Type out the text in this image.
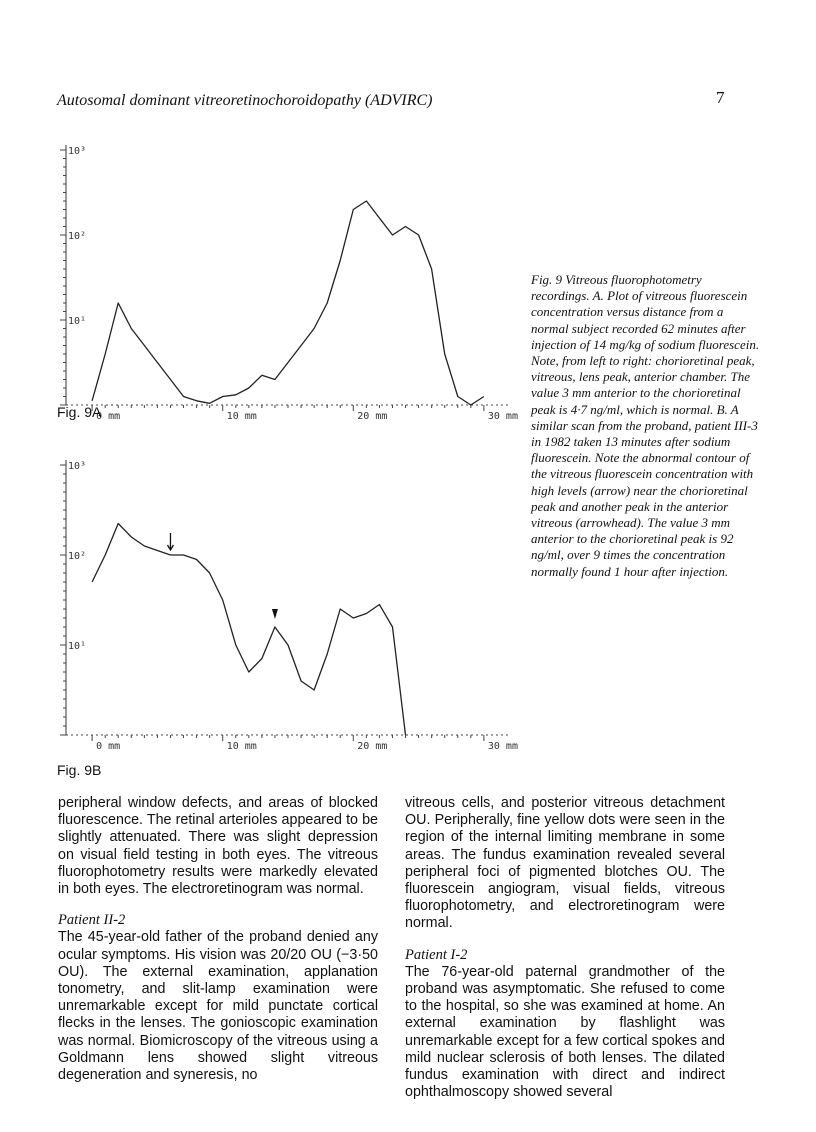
Autosomal dominant vitreoretinochoroidopathy (ADVIRC)	7
10³
10²
10¹
0 mm	10 mm	20 mm	30 mm
Fig. 9A
10³
10²
10¹
0 mm	10 mm	20 mm	30 mm
Fig. 9B
Fig. 9 Vitreous fluorophotometry recordings. A. Plot of vitreous fluorescein concentration versus distance from a normal subject recorded 62 minutes after injection of 14 mg/kg of sodium fluorescein. Note, from left to right: chorioretinal peak, vitreous, lens peak, anterior chamber. The value 3 mm anterior to the chorioretinal peak is 4·7 ng/ml, which is normal. B. A similar scan from the proband, patient III-3 in 1982 taken 13 minutes after sodium fluorescein. Note the abnormal contour of the vitreous fluorescein concentration with high levels (arrow) near the chorioretinal peak and another peak in the anterior vitreous (arrowhead). The value 3 mm anterior to the chorioretinal peak is 92 ng/ml, over 9 times the concentration normally found 1 hour after injection.

peripheral window defects, and areas of blocked fluorescence. The retinal arterioles appeared to be slightly attenuated. There was slight depression on visual field testing in both eyes. The vitreous fluorophotometry results were markedly elevated in both eyes. The electroretinogram was normal.

Patient II-2

The 45-year-old father of the proband denied any ocular symptoms. His vision was 20/20 OU (−3·50 OU). The external examination, applanation tonometry, and slit-lamp examination were unremarkable except for mild punctate cortical flecks in the lenses. The gonioscopic examination was normal. Biomicroscopy of the vitreous using a Goldmann lens showed slight vitreous degeneration and syneresis, no

vitreous cells, and posterior vitreous detachment OU. Peripherally, fine yellow dots were seen in the region of the internal limiting membrane in some areas. The fundus examination revealed several peripheral foci of pigmented blotches OU. The fluorescein angiogram, visual fields, vitreous fluorophotometry, and electroretinogram were normal.

Patient I-2

The 76-year-old paternal grandmother of the proband was asymptomatic. She refused to come to the hospital, so she was examined at home. An external examination by flashlight was unremarkable except for a few cortical spokes and mild nuclear sclerosis of both lenses. The dilated fundus examination with direct and indirect ophthalmoscopy showed several
